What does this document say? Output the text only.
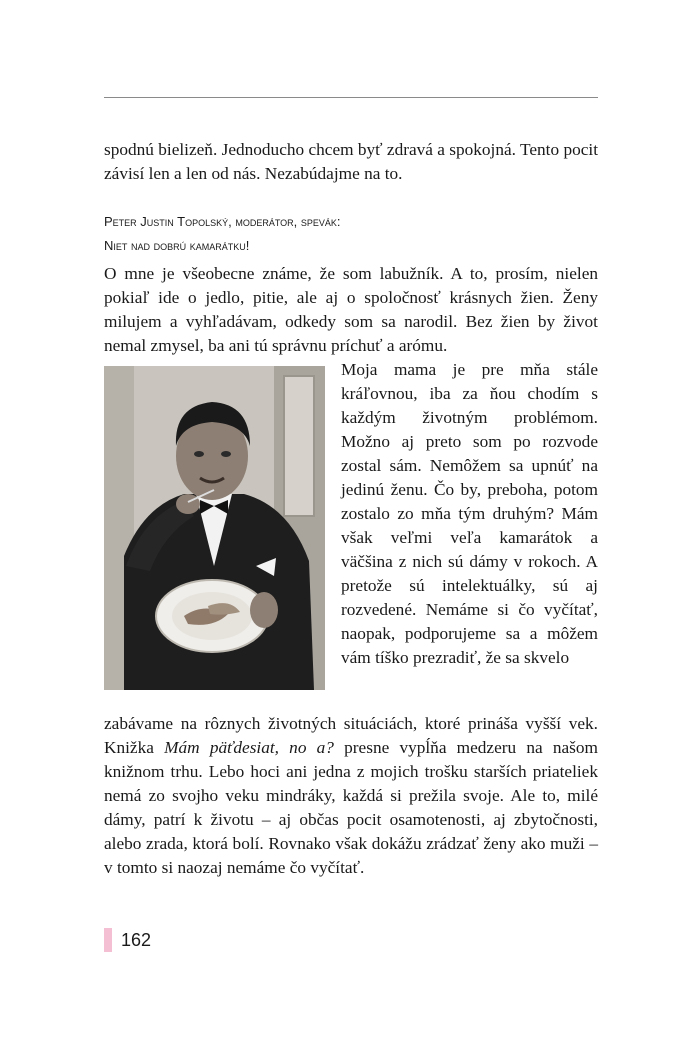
spodnú bielizeň. Jednoducho chcem byť zdravá a spokojná. Tento pocit závisí len a len od nás. Nezabúdajme na to.

Peter Justin Topolský, moderátor, spevák:
Niet nad dobrú kamarátku!

O mne je všeobecne známe, že som labužník. A to, prosím, nielen pokiaľ ide o jedlo, pitie, ale aj o spoločnosť krásnych žien. Ženy milujem a vyhľadávam, odkedy som sa narodil. Bez žien by život nemal zmysel, ba ani tú správnu príchuť a arómu.

Moja mama je pre mňa stále kráľovnou, iba za ňou chodím s každým životným problémom. Možno aj preto som po rozvode zostal sám. Nemôžem sa upnúť na jedinú ženu. Čo by, preboha, potom zostalo zo mňa tým druhým? Mám však veľmi veľa kamarátok a väčšina z nich sú dámy v rokoch. A pretože sú intelektuálky, sú aj rozvedené. Nemáme si čo vyčítať, naopak, podporujeme sa a môžem vám tíško prezradiť, že sa skvelo

zabávame na rôznych životných situáciách, ktoré prináša vyšší vek. Knižka Mám päťdesiat, no a? presne vypĺňa medzeru na našom knižnom trhu. Lebo hoci ani jedna z mojich trošku starších priateliek nemá zo svojho veku mindráky, každá si prežila svoje. Ale to, milé dámy, patrí k životu – aj občas pocit osamotenosti, aj zbytočnosti, alebo zrada, ktorá bolí. Rovnako však dokážu zrádzať ženy ako muži – v tomto si naozaj nemáme čo vyčítať.

162
